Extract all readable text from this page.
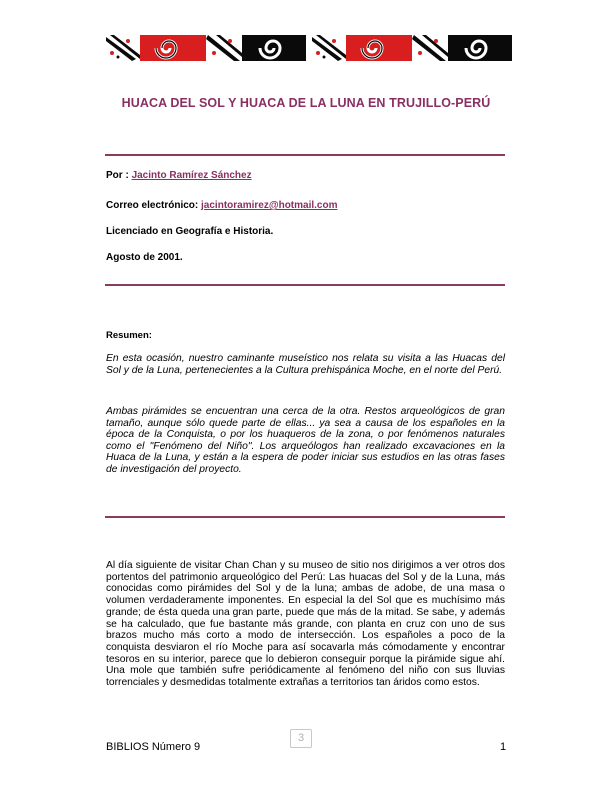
HUACA DEL SOL Y HUACA DE LA LUNA EN TRUJILLO-PERÚ
Por : Jacinto Ramírez Sánchez
Correo electrónico: jacintoramirez@hotmail.com
Licenciado en Geografía e Historia.
Agosto de 2001.
Resumen:
En esta ocasión, nuestro caminante museístico nos relata su visita a las Huacas del Sol y de la Luna, pertenecientes a la Cultura prehispánica Moche, en el norte del Perú.
Ambas pirámides se encuentran una cerca de la otra. Restos arqueológicos de gran tamaño, aunque sólo quede parte de ellas... ya sea a causa de los españoles en la época de la Conquista, o por los huaqueros de la zona, o por fenómenos naturales como el "Fenómeno del Niño". Los arqueólogos han realizado excavaciones en la Huaca de la Luna, y están a la espera de poder iniciar sus estudios en las otras fases de investigación del proyecto.
Al día siguiente de visitar Chan Chan y su museo de sitio nos dirigimos a ver otros dos portentos del patrimonio arqueológico del Perú: Las huacas del Sol y de la Luna, más conocidas como pirámides del Sol y de la luna; ambas de adobe, de una masa o volumen verdaderamente imponentes. En especial la del Sol que es muchísimo más grande; de ésta queda una gran parte, puede que más de la mitad. Se sabe, y además se ha calculado, que fue bastante más grande, con planta en cruz con uno de sus brazos mucho más corto a modo de intersección. Los españoles a poco de la conquista desviaron el río Moche para así socavarla más cómodamente y encontrar tesoros en su interior, parece que lo debieron conseguir porque la pirámide sigue ahí. Una mole que también sufre periódicamente al fenómeno del niño con sus lluvias torrenciales y desmedidas totalmente extrañas a territorios tan áridos como estos.
BIBLIOS Número 9
3
1
